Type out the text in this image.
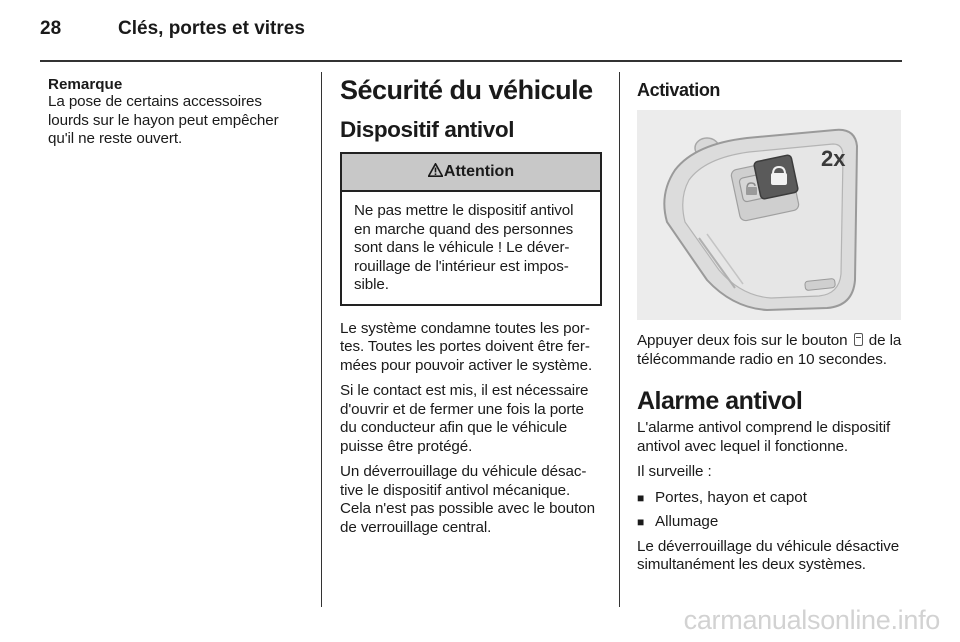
28	Clés, portes et vitres
Remarque

La pose de certains accessoires lourds sur le hayon peut empêcher qu'il ne reste ouvert.

Sécurité du véhicule
Dispositif antivol
Attention

Ne pas mettre le dispositif antivol en marche quand des personnes sont dans le véhicule ! Le déverrouillage de l'intérieur est impossible.

Le système condamne toutes les portes. Toutes les portes doivent être fermées pour pouvoir activer le système.

Si le contact est mis, il est nécessaire d'ouvrir et de fermer une fois la porte du conducteur afin que le véhicule puisse être protégé.

Un déverrouillage du véhicule désactive le dispositif antivol mécanique. Cela n'est pas possible avec le bouton de verrouillage central.

Activation
2x

Appuyer deux fois sur le bouton de la télécommande radio en 10 secondes.

Alarme antivol

L'alarme antivol comprend le dispositif antivol avec lequel il fonctionne.

Il surveille :

■ Portes, hayon et capot
■ Allumage

Le déverrouillage du véhicule désactive simultanément les deux systèmes.

carmanualsonline.info
